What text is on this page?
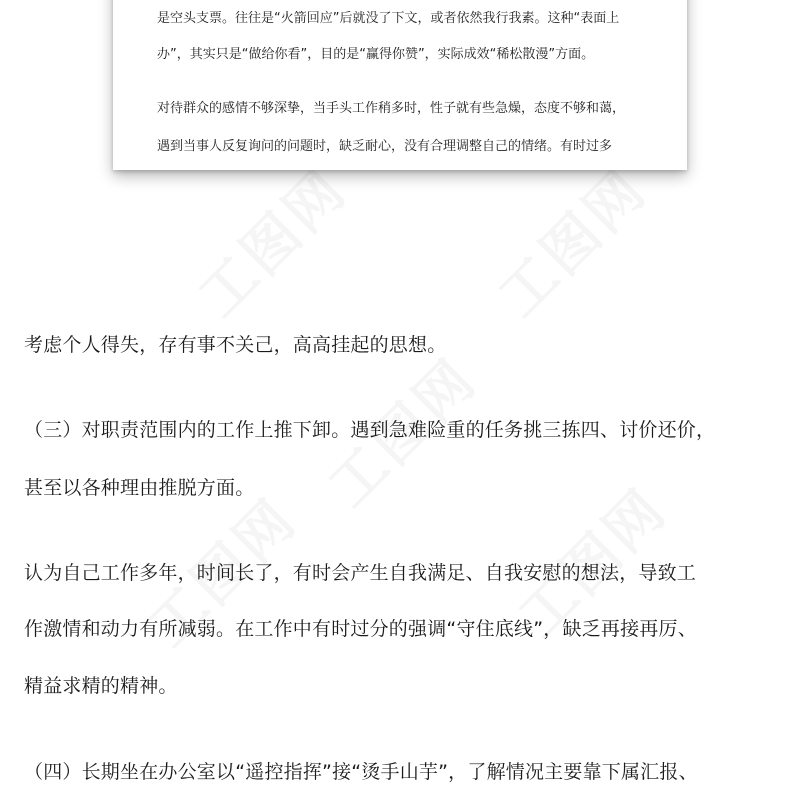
工图网 工图网
工图网
工图网	工图网
是空头支票。往往是“火箭回应”后就没了下文，或者依然我行我素。这种“表面上
办”，其实只是“做给你看”，目的是“赢得你赞”，实际成效“稀松散漫”方面。
对待群众的感情不够深挚，当手头工作稍多时，性子就有些急燥，态度不够和蔼，
遇到当事人反复询问的问题时，缺乏耐心，没有合理调整自己的情绪。有时过多
考虑个人得失，存有事不关己，高高挂起的思想。
（三）对职责范围内的工作上推下卸。遇到急难险重的任务挑三拣四、讨价还价，
甚至以各种理由推脱方面。
认为自己工作多年，时间长了，有时会产生自我满足、自我安慰的想法，导致工
作激情和动力有所减弱。在工作中有时过分的强调“守住底线”，缺乏再接再厉、
精益求精的精神。
（四）长期坐在办公室以“遥控指挥”接“烫手山芋”，了解情况主要靠下属汇报、
